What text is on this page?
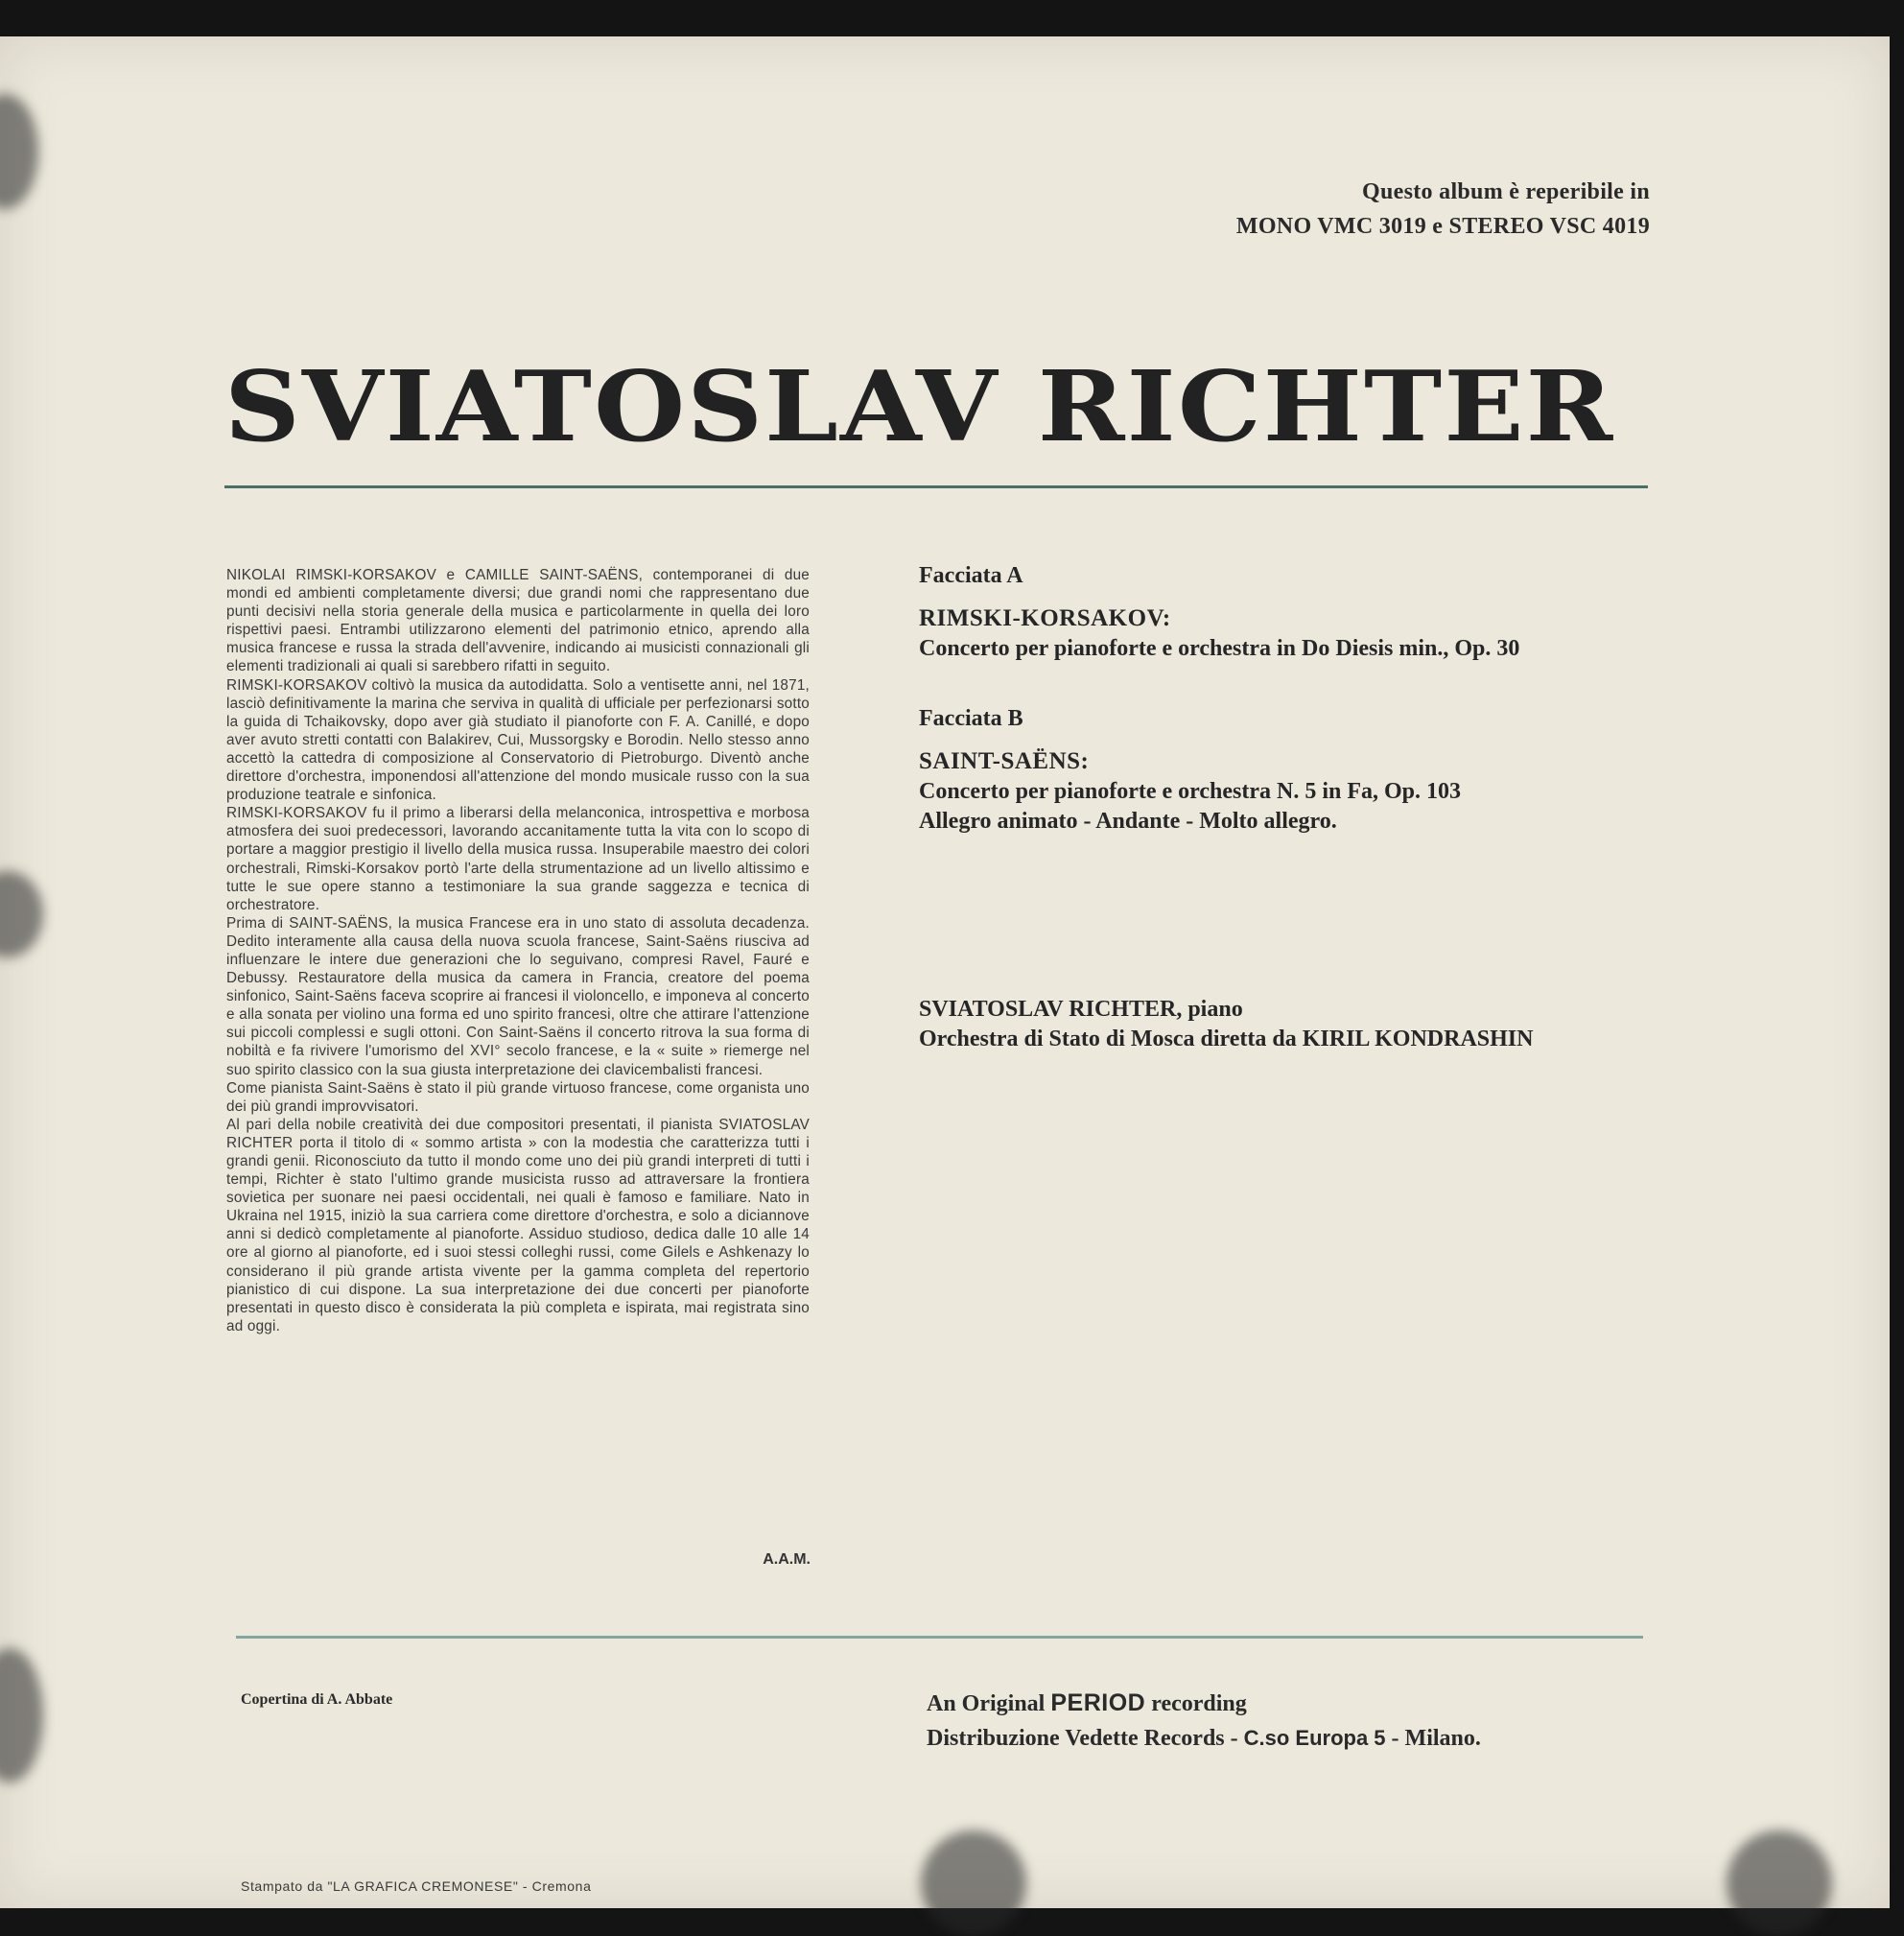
Questo album è reperibile in
MONO VMC 3019 e STEREO VSC 4019
SVIATOSLAV RICHTER

NIKOLAI RIMSKI-KORSAKOV e CAMILLE SAINT-SAËNS, contemporanei di due mondi ed ambienti completamente diversi; due grandi nomi che rappresentano due punti decisivi nella storia generale della musica e particolarmente in quella dei loro rispettivi paesi. Entrambi utilizzarono elementi del patrimonio etnico, aprendo alla musica francese e russa la strada dell'avvenire, indicando ai musicisti connazionali gli elementi tradizionali ai quali si sarebbero rifatti in seguito.

RIMSKI-KORSAKOV coltivò la musica da autodidatta. Solo a ventisette anni, nel 1871, lasciò definitivamente la marina che serviva in qualità di ufficiale per perfezionarsi sotto la guida di Tchaikovsky, dopo aver già studiato il pianoforte con F. A. Canillé, e dopo aver avuto stretti contatti con Balakirev, Cui, Mussorgsky e Borodin. Nello stesso anno accettò la cattedra di composizione al Conservatorio di Pietroburgo. Diventò anche direttore d'orchestra, imponendosi all'attenzione del mondo musicale russo con la sua produzione teatrale e sinfonica.

RIMSKI-KORSAKOV fu il primo a liberarsi della melanconica, introspettiva e morbosa atmosfera dei suoi predecessori, lavorando accanitamente tutta la vita con lo scopo di portare a maggior prestigio il livello della musica russa. Insuperabile maestro dei colori orchestrali, Rimski-Korsakov portò l'arte della strumentazione ad un livello altissimo e tutte le sue opere stanno a testimoniare la sua grande saggezza e tecnica di orchestratore.

Prima di SAINT-SAËNS, la musica Francese era in uno stato di assoluta decadenza. Dedito interamente alla causa della nuova scuola francese, Saint-Saëns riusciva ad influenzare le intere due generazioni che lo seguivano, compresi Ravel, Fauré e Debussy. Restauratore della musica da camera in Francia, creatore del poema sinfonico, Saint-Saëns faceva scoprire ai francesi il violoncello, e imponeva al concerto e alla sonata per violino una forma ed uno spirito francesi, oltre che attirare l'attenzione sui piccoli complessi e sugli ottoni. Con Saint-Saëns il concerto ritrova la sua forma di nobiltà e fa rivivere l'umorismo del XVI° secolo francese, e la « suite » riemerge nel suo spirito classico con la sua giusta interpretazione dei clavicembalisti francesi.

Come pianista Saint-Saëns è stato il più grande virtuoso francese, come organista uno dei più grandi improvvisatori.

Al pari della nobile creatività dei due compositori presentati, il pianista SVIATOSLAV RICHTER porta il titolo di « sommo artista » con la modestia che caratterizza tutti i grandi genii. Riconosciuto da tutto il mondo come uno dei più grandi interpreti di tutti i tempi, Richter è stato l'ultimo grande musicista russo ad attraversare la frontiera sovietica per suonare nei paesi occidentali, nei quali è famoso e familiare. Nato in Ukraina nel 1915, iniziò la sua carriera come direttore d'orchestra, e solo a diciannove anni si dedicò completamente al pianoforte. Assiduo studioso, dedica dalle 10 alle 14 ore al giorno al pianoforte, ed i suoi stessi colleghi russi, come Gilels e Ashkenazy lo considerano il più grande artista vivente per la gamma completa del repertorio pianistico di cui dispone. La sua interpretazione dei due concerti per pianoforte presentati in questo disco è considerata la più completa e ispirata, mai registrata sino ad oggi.

A.A.M.
Facciata A
RIMSKI-KORSAKOV:
Concerto per pianoforte e orchestra in Do Diesis min., Op. 30
Facciata B
SAINT-SAËNS:
Concerto per pianoforte e orchestra N. 5 in Fa, Op. 103
Allegro animato - Andante - Molto allegro.
SVIATOSLAV RICHTER, piano
Orchestra di Stato di Mosca diretta da KIRIL KONDRASHIN
Copertina di A. Abbate	An Original PERIOD recording
Distribuzione Vedette Records - C.so Europa 5 - Milano.
Stampato da "LA GRAFICA CREMONESE" - Cremona
